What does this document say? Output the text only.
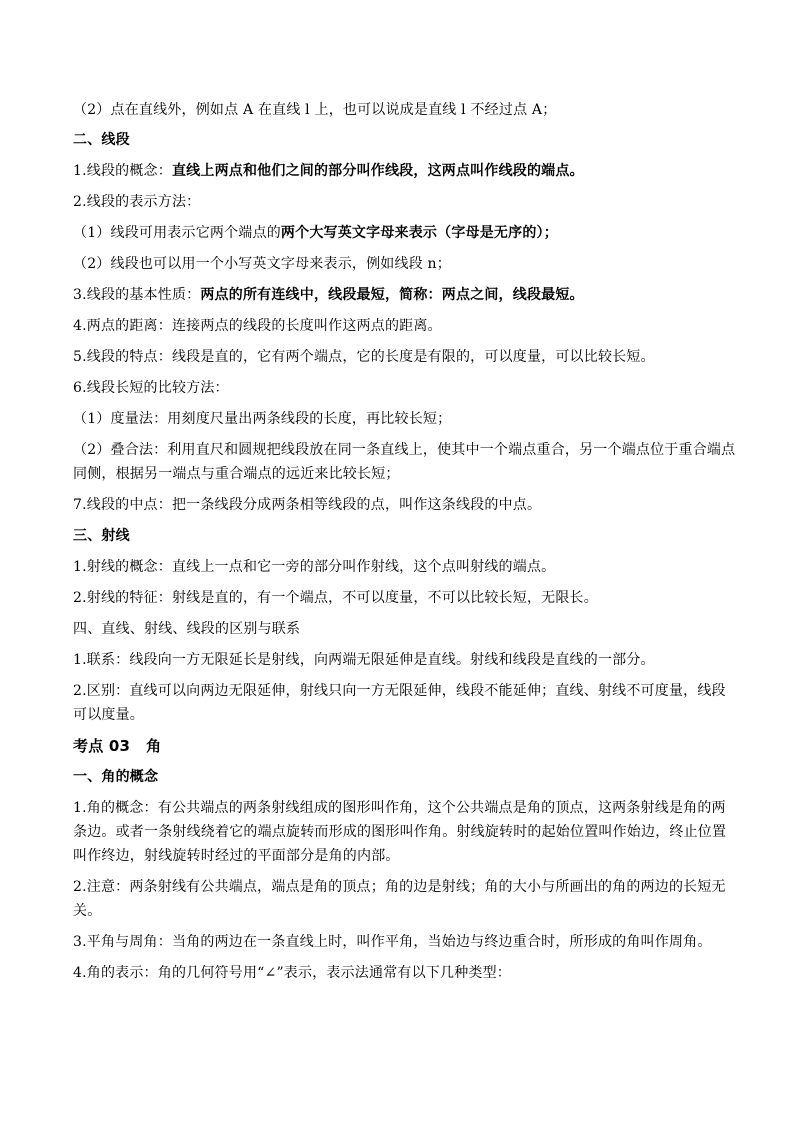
（2）点在直线外，例如点 A 在直线 l 上，也可以说成是直线 l 不经过点 A；
二、线段
1.线段的概念：直线上两点和他们之间的部分叫作线段，这两点叫作线段的端点。
2.线段的表示方法：
（1）线段可用表示它两个端点的两个大写英文字母来表示（字母是无序的）；
（2）线段也可以用一个小写英文字母来表示，例如线段 n；
3.线段的基本性质：两点的所有连线中，线段最短，简称：两点之间，线段最短。
4.两点的距离：连接两点的线段的长度叫作这两点的距离。
5.线段的特点：线段是直的，它有两个端点，它的长度是有限的，可以度量，可以比较长短。
6.线段长短的比较方法：
（1）度量法：用刻度尺量出两条线段的长度，再比较长短；
（2）叠合法：利用直尺和圆规把线段放在同一条直线上，使其中一个端点重合，另一个端点位于重合端点
同侧，根据另一端点与重合端点的远近来比较长短；
7.线段的中点：把一条线段分成两条相等线段的点，叫作这条线段的中点。
三、射线
1.射线的概念：直线上一点和它一旁的部分叫作射线，这个点叫射线的端点。
2.射线的特征：射线是直的，有一个端点，不可以度量，不可以比较长短，无限长。
四、直线、射线、线段的区别与联系
1.联系：线段向一方无限延长是射线，向两端无限延伸是直线。射线和线段是直线的一部分。
2.区别：直线可以向两边无限延伸，射线只向一方无限延伸，线段不能延伸；直线、射线不可度量，线段
可以度量。
考点 03 角
一、角的概念
1.角的概念：有公共端点的两条射线组成的图形叫作角，这个公共端点是角的顶点，这两条射线是角的两
条边。或者一条射线绕着它的端点旋转而形成的图形叫作角。射线旋转时的起始位置叫作始边，终止位置
叫作终边，射线旋转时经过的平面部分是角的内部。
2.注意：两条射线有公共端点，端点是角的顶点；角的边是射线；角的大小与所画出的角的两边的长短无
关。
3.平角与周角：当角的两边在一条直线上时，叫作平角，当始边与终边重合时，所形成的角叫作周角。
4.角的表示：角的几何符号用“∠”表示，表示法通常有以下几种类型：
